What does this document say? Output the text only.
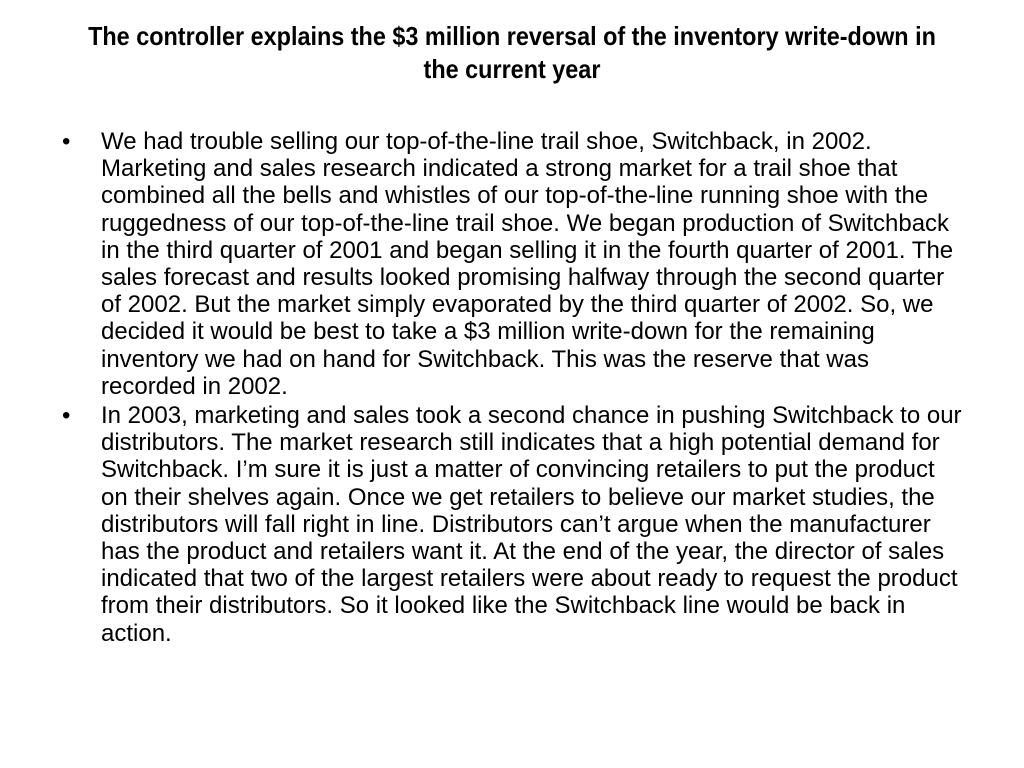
The controller explains the $3 million reversal of the inventory write-down in the current year
•	We had trouble selling our top-of-the-line trail shoe, Switchback, in 2002. Marketing and sales research indicated a strong market for a trail shoe that combined all the bells and whistles of our top-of-the-line running shoe with the ruggedness of our top-of-the-line trail shoe. We began production of Switchback in the third quarter of 2001 and began selling it in the fourth quarter of 2001. The sales forecast and results looked promising halfway through the second quarter of 2002. But the market simply evaporated by the third quarter of 2002. So, we decided it would be best to take a $3 million write-down for the remaining inventory we had on hand for Switchback. This was the reserve that was recorded in 2002.
•	In 2003, marketing and sales took a second chance in pushing Switchback to our distributors. The market research still indicates that a high potential demand for Switchback. I’m sure it is just a matter of convincing retailers to put the product on their shelves again. Once we get retailers to believe our market studies, the distributors will fall right in line. Distributors can’t argue when the manufacturer has the product and retailers want it. At the end of the year, the director of sales indicated that two of the largest retailers were about ready to request the product from their distributors. So it looked like the Switchback line would be back in action.
